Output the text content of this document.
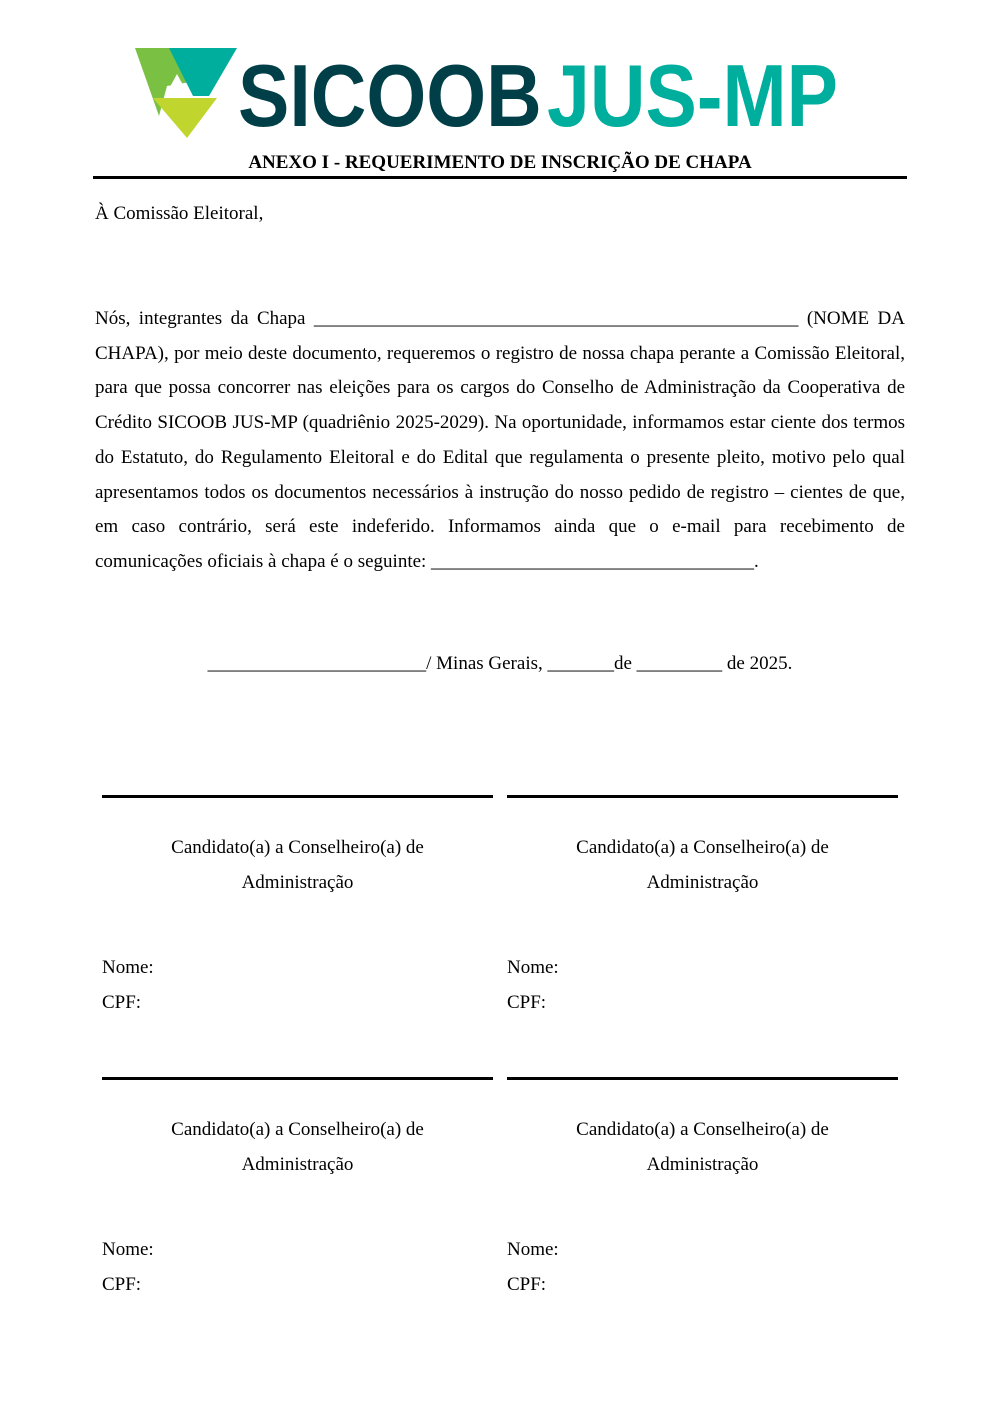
SICOOBJUS-MP
ANEXO I - REQUERIMENTO DE INSCRIÇÃO DE CHAPA
À Comissão Eleitoral,

Nós, integrantes da Chapa ___________________________________________________ (NOME DA CHAPA), por meio deste documento, requeremos o registro de nossa chapa perante a Comissão Eleitoral, para que possa concorrer nas eleições para os cargos do Conselho de Administração da Cooperativa de Crédito SICOOB JUS-MP (quadriênio 2025-2029). Na oportunidade, informamos estar ciente dos termos do Estatuto, do Regulamento Eleitoral e do Edital que regulamenta o presente pleito, motivo pelo qual apresentamos todos os documentos necessários à instrução do nosso pedido de registro – cientes de que, em caso contrário, será este indeferido. Informamos ainda que o e-mail para recebimento de comunicações oficiais à chapa é o seguinte: __________________________________.

_______________________/ Minas Gerais, _______de _________ de 2025.
Candidato(a) a Conselheiro(a) de Administração
Nome:
CPF:
Candidato(a) a Conselheiro(a) de Administração
Nome:
CPF:
Candidato(a) a Conselheiro(a) de Administração
Nome:
CPF:
Candidato(a) a Conselheiro(a) de Administração
Nome:
CPF:
